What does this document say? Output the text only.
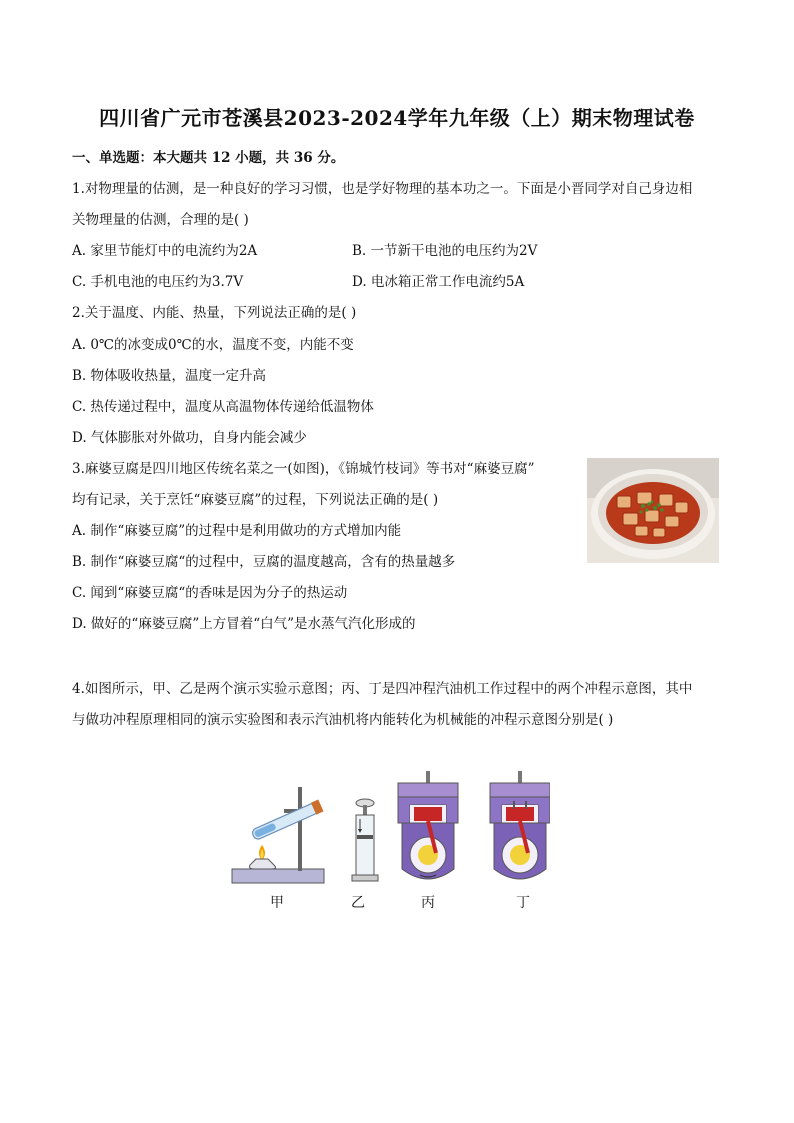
四川省广元市苍溪县2023-2024学年九年级（上）期末物理试卷
一、单选题：本大题共 12 小题，共 36 分。
1.对物理量的估测，是一种良好的学习习惯，也是学好物理的基本功之一。下面是小晋同学对自己身边相
关物理量的估测，合理的是( )
A. 家里节能灯中的电流约为2A	B. 一节新干电池的电压约为2V
C. 手机电池的电压约为3.7V	D. 电冰箱正常工作电流约5A
2.关于温度、内能、热量，下列说法正确的是( )
A. 0℃的冰变成0℃的水，温度不变，内能不变
B. 物体吸收热量，温度一定升高
C. 热传递过程中，温度从高温物体传递给低温物体
D. 气体膨胀对外做功，自身内能会减少
3.麻婆豆腐是四川地区传统名菜之一(如图)，《锦城竹枝词》等书对“麻婆豆腐”
均有记录，关于烹饪“麻婆豆腐”的过程，下列说法正确的是( )
A. 制作“麻婆豆腐”的过程中是利用做功的方式增加内能
B. 制作“麻婆豆腐“的过程中，豆腐的温度越高，含有的热量越多
C. 闻到“麻婆豆腐“的香味是因为分子的热运动
D. 做好的“麻婆豆腐”上方冒着“白气”是水蒸气汽化形成的
4.如图所示，甲、乙是两个演示实验示意图；丙、丁是四冲程汽油机工作过程中的两个冲程示意图，其中
与做功冲程原理相同的演示实验图和表示汽油机将内能转化为机械能的冲程示意图分别是( )
甲	乙	丙	丁
